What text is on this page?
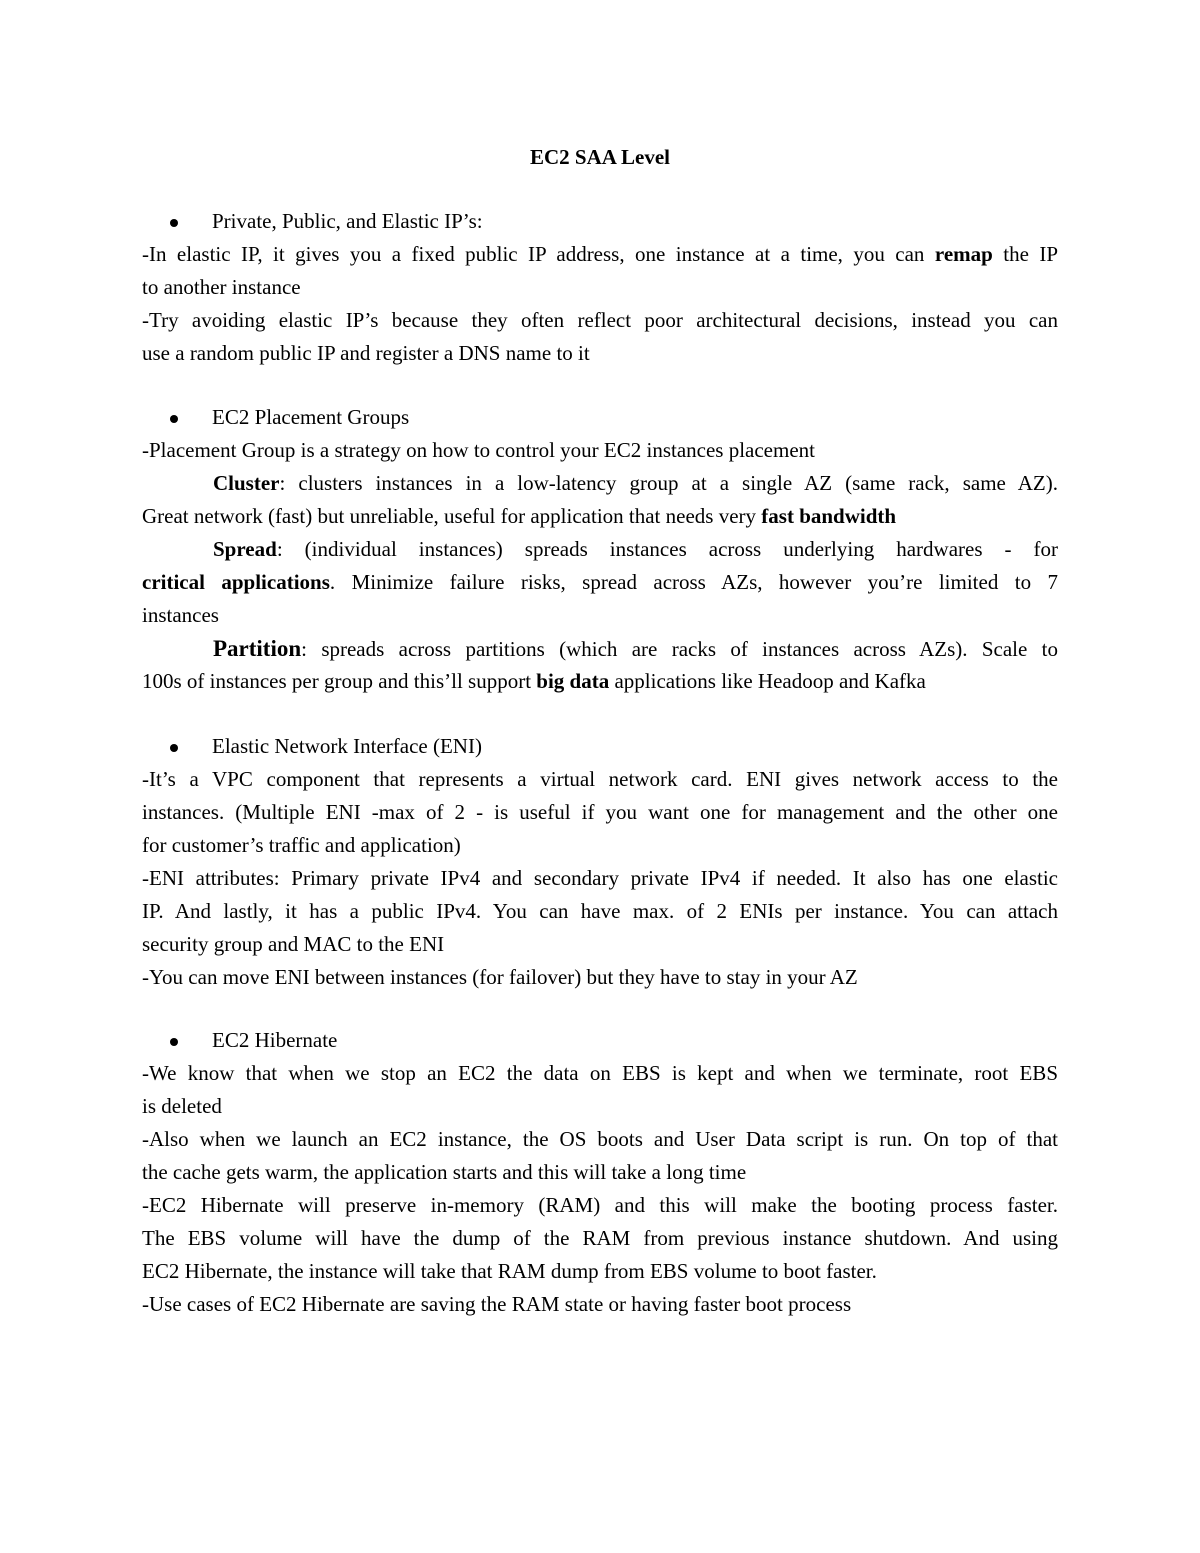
EC2 SAA Level
Private, Public, and Elastic IP’s:
-In elastic IP, it gives you a fixed public IP address, one instance at a time, you can remap the IP
to another instance
-Try avoiding elastic IP’s because they often reflect poor architectural decisions, instead you can
use a random public IP and register a DNS name to it
EC2 Placement Groups
-Placement Group is a strategy on how to control your EC2 instances placement
Cluster: clusters instances in a low-latency group at a single AZ (same rack, same AZ).
Great network (fast) but unreliable, useful for application that needs very fast bandwidth
Spread: (individual instances) spreads instances across underlying hardwares - for
critical applications. Minimize failure risks, spread across AZs, however you’re limited to 7
instances
Partition: spreads across partitions (which are racks of instances across AZs). Scale to
100s of instances per group and this’ll support big data applications like Headoop and Kafka
Elastic Network Interface (ENI)
-It’s a VPC component that represents a virtual network card. ENI gives network access to the
instances. (Multiple ENI -max of 2 - is useful if you want one for management and the other one
for customer’s traffic and application)
-ENI attributes: Primary private IPv4 and secondary private IPv4 if needed. It also has one elastic
IP. And lastly, it has a public IPv4. You can have max. of 2 ENIs per instance. You can attach
security group and MAC to the ENI
-You can move ENI between instances (for failover) but they have to stay in your AZ
EC2 Hibernate
-We know that when we stop an EC2 the data on EBS is kept and when we terminate, root EBS
is deleted
-Also when we launch an EC2 instance, the OS boots and User Data script is run. On top of that
the cache gets warm, the application starts and this will take a long time
-EC2 Hibernate will preserve in-memory (RAM) and this will make the booting process faster.
The EBS volume will have the dump of the RAM from previous instance shutdown. And using
EC2 Hibernate, the instance will take that RAM dump from EBS volume to boot faster.
-Use cases of EC2 Hibernate are saving the RAM state or having faster boot process
